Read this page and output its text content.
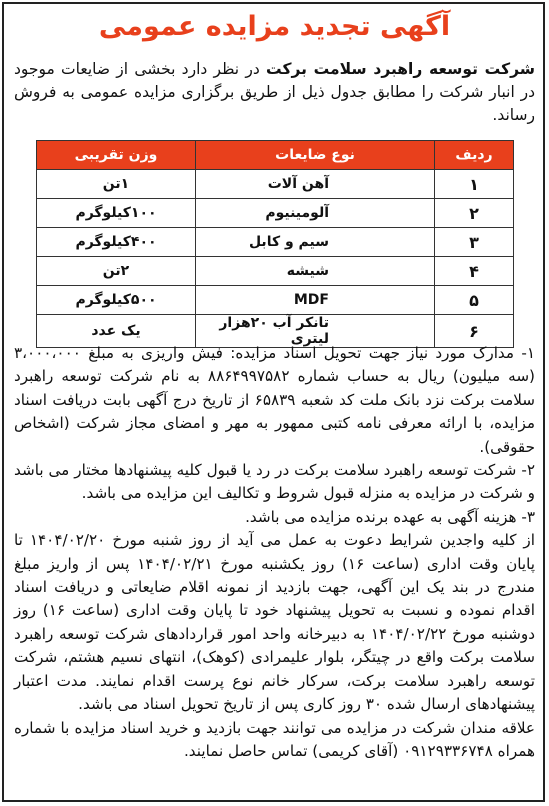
آگهی تجدید مزایده عمومی
شرکت توسعه راهبرد سلامت برکت در نظر دارد بخشی از ضایعات موجود در انبار شرکت را مطابق جدول ذیل از طریق برگزاری مزایده عمومی به فروش رساند.
ردیف	نوع ضایعات	وزن تقریبی
۱	آهن آلات	۱تن
۲	آلومینیوم	۱۰۰کیلوگرم
۳	سیم و کابل	۴۰۰کیلوگرم
۴	شیشه	۲تن
۵	MDF	۵۰۰کیلوگرم
۶	تانکر آب ۲۰هزار لیتری	یک عدد

۱- مدارک مورد نیاز جهت تحویل اسناد مزایده: فیش واریزی به مبلغ ۳،۰۰۰،۰۰۰ (سه میلیون) ریال به حساب شماره ۸۸۶۴۹۹۷۵۸۲ به نام شرکت توسعه راهبرد سلامت برکت نزد بانک ملت کد شعبه ۶۵۸۳۹ از تاریخ درج آگهی بابت دریافت اسناد مزایده، با ارائه معرفی نامه کتبی ممهور به مهر و امضای مجاز شرکت (اشخاص حقوقی).

۲- شرکت توسعه راهبرد سلامت برکت در رد یا قبول کلیه پیشنهادها مختار می باشد و شرکت در مزایده به منزله قبول شروط و تکالیف این مزایده می باشد.

۳- هزینه آگهی به عهده برنده مزایده می باشد.

از کلیه واجدین شرایط دعوت به عمل می آید از روز شنبه مورخ ۱۴۰۴/۰۲/۲۰ تا پایان وقت اداری (ساعت ۱۶) روز یکشنبه مورخ ۱۴۰۴/۰۲/۲۱ پس از واریز مبلغ مندرج در بند یک این آگهی، جهت بازدید از نمونه اقلام ضایعاتی و دریافت اسناد اقدام نموده و نسبت به تحویل پیشنهاد خود تا پایان وقت اداری (ساعت ۱۶) روز دوشنبه مورخ ۱۴۰۴/۰۲/۲۲ به دبیرخانه واحد امور قراردادهای شرکت توسعه راهبرد سلامت برکت واقع در چیتگر، بلوار علیمرادی (کوهک)، انتهای نسیم هشتم، شرکت توسعه راهبرد سلامت برکت، سرکار خانم نوع پرست اقدام نمایند. مدت اعتبار پیشنهادهای ارسال شده ۳۰ روز کاری پس از تاریخ تحویل اسناد می باشد.

علاقه مندان شرکت در مزایده می توانند جهت بازدید و خرید اسناد مزایده با شماره همراه ۰۹۱۲۹۳۳۶۷۴۸ (آقای کریمی) تماس حاصل نمایند.
